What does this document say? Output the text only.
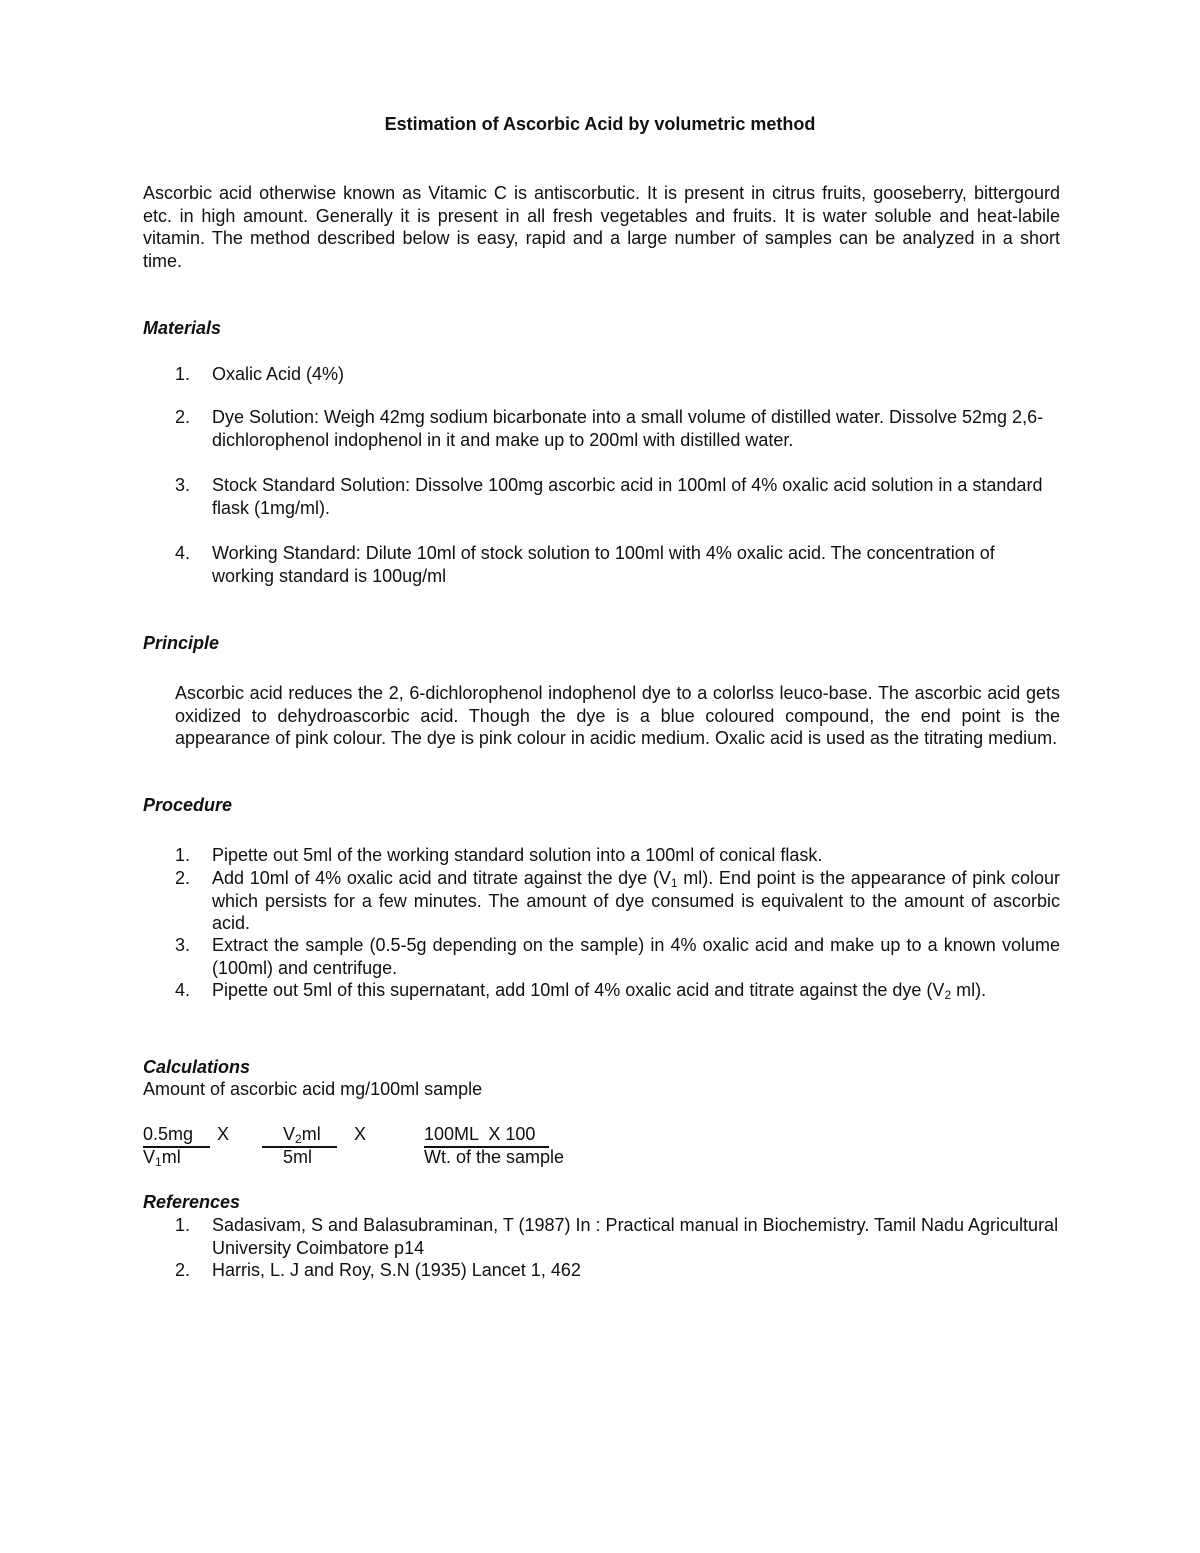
Estimation of Ascorbic Acid by volumetric method
Ascorbic acid otherwise known as Vitamic C is antiscorbutic. It is present in citrus fruits, gooseberry, bittergourd etc. in high amount. Generally it is present in all fresh vegetables and fruits. It is water soluble and heat-labile vitamin. The method described below is easy, rapid and a large number of samples can be analyzed in a short time.
Materials
1. Oxalic Acid (4%)
2. Dye Solution: Weigh 42mg sodium bicarbonate into a small volume of distilled water. Dissolve 52mg 2,6-dichlorophenol indophenol in it and make up to 200ml with distilled water.
3. Stock Standard Solution: Dissolve 100mg ascorbic acid in 100ml of 4% oxalic acid solution in a standard flask (1mg/ml).
4. Working Standard: Dilute 10ml of stock solution to 100ml with 4% oxalic acid. The concentration of working standard is 100ug/ml
Principle
Ascorbic acid reduces the 2, 6-dichlorophenol indophenol dye to a colorlss leuco-base. The ascorbic acid gets oxidized to dehydroascorbic acid. Though the dye is a blue coloured compound, the end point is the appearance of pink colour. The dye is pink colour in acidic medium. Oxalic acid is used as the titrating medium.
Procedure
1. Pipette out 5ml of the working standard solution into a 100ml of conical flask.
2. Add 10ml of 4% oxalic acid and titrate against the dye ($V_1$ ml). End point is the appearance of pink colour which persists for a few minutes. The amount of dye consumed is equivalent to the amount of ascorbic acid.
3. Extract the sample (0.5-5g depending on the sample) in 4% oxalic acid and make up to a known volume (100ml) and centrifuge.
4. Pipette out 5ml of this supernatant, add 10ml of 4% oxalic acid and titrate against the dye ($V_2$ ml).
Calculations
Amount of ascorbic acid mg/100ml sample
0.5mg X	$V_2ml$ X	100ML  X 100
$V_1ml$	5ml	Wt. of the sample
References
1. Sadasivam, S and Balasubraminan, T (1987) In : Practical manual in Biochemistry. Tamil Nadu Agricultural University Coimbatore p14
2. Harris, L. J and Roy, S.N (1935) Lancet 1, 462
